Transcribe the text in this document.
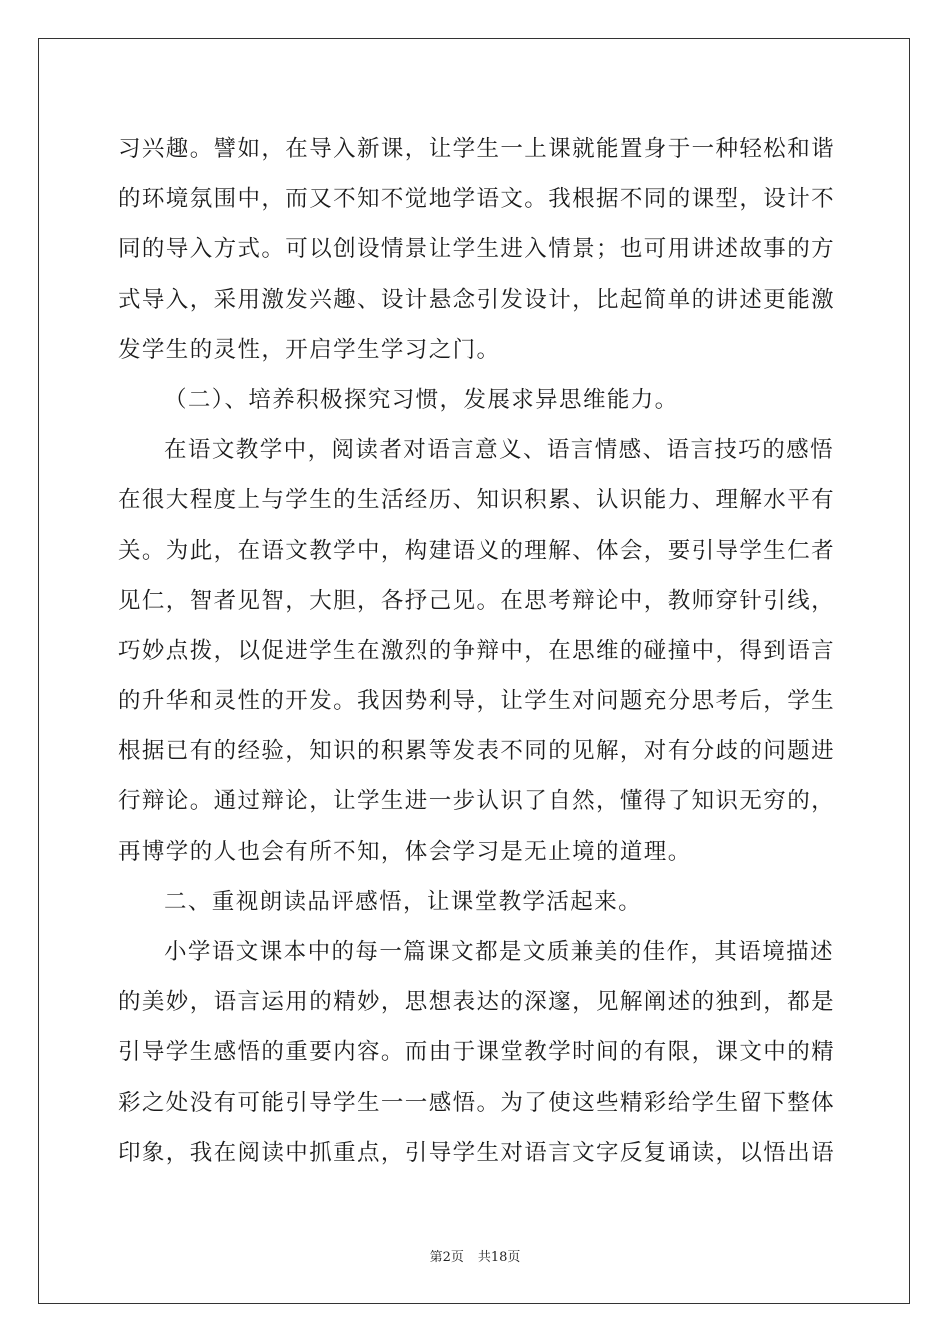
习兴趣。譬如，在导入新课，让学生一上课就能置身于一种轻松和谐
的环境氛围中，而又不知不觉地学语文。我根据不同的课型，设计不
同的导入方式。可以创设情景让学生进入情景；也可用讲述故事的方
式导入，采用激发兴趣、设计悬念引发设计，比起简单的讲述更能激
发学生的灵性，开启学生学习之门。
（二）、培养积极探究习惯，发展求异思维能力。
在语文教学中，阅读者对语言意义、语言情感、语言技巧的感悟
在很大程度上与学生的生活经历、知识积累、认识能力、理解水平有
关。为此，在语文教学中，构建语义的理解、体会，要引导学生仁者
见仁，智者见智，大胆，各抒己见。在思考辩论中，教师穿针引线，
巧妙点拨，以促进学生在激烈的争辩中，在思维的碰撞中，得到语言
的升华和灵性的开发。我因势利导，让学生对问题充分思考后，学生
根据已有的经验，知识的积累等发表不同的见解，对有分歧的问题进
行辩论。通过辩论，让学生进一步认识了自然，懂得了知识无穷的，
再博学的人也会有所不知，体会学习是无止境的道理。
二、重视朗读品评感悟，让课堂教学活起来。
小学语文课本中的每一篇课文都是文质兼美的佳作，其语境描述
的美妙，语言运用的精妙，思想表达的深邃，见解阐述的独到，都是
引导学生感悟的重要内容。而由于课堂教学时间的有限，课文中的精
彩之处没有可能引导学生一一感悟。为了使这些精彩给学生留下整体
印象，我在阅读中抓重点，引导学生对语言文字反复诵读，以悟出语
第2页 共18页
